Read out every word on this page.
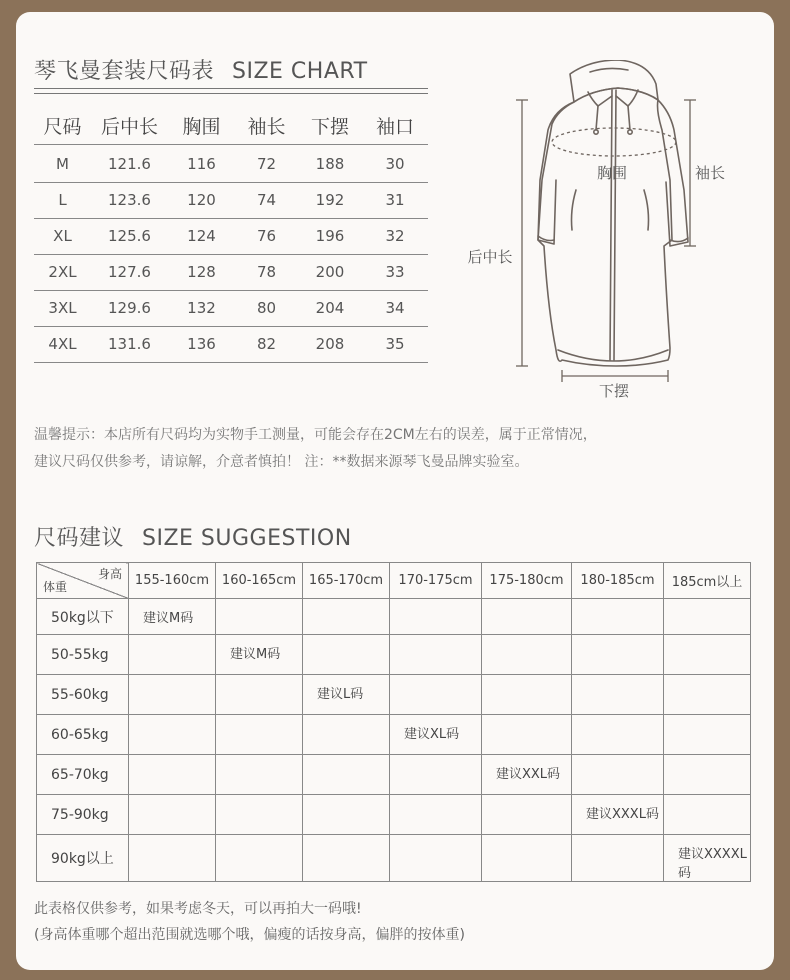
琴飞曼套装尺码表 SIZE CHART
尺码	后中长	胸围	袖长	下摆	袖口
M	121.6	116	72	188	30
L	123.6	120	74	192	31
XL	125.6	124	76	196	32
2XL	127.6	128	78	200	33
3XL	129.6	132	80	204	34
4XL	131.6	136	82	208	35
胸围	袖长
后中长
下摆
温馨提示：本店所有尺码均为实物手工测量，可能会存在2CM左右的误差，属于正常情况，
建议尺码仅供参考，请谅解，介意者慎拍！ 注：**数据来源琴飞曼品牌实验室。
尺码建议 SIZE SUGGESTION
身高
体重	155-160cm	160-165cm	165-170cm	170-175cm	175-180cm	180-185cm	185cm以上
50kg以下	建议M码						
50-55kg		建议M码					
55-60kg			建议L码				
60-65kg				建议XL码			
65-70kg					建议XXL码		
75-90kg						建议XXXL码	
90kg以上							建议XXXXL码
此表格仅供参考，如果考虑冬天，可以再拍大一码哦!
(身高体重哪个超出范围就选哪个哦，偏瘦的话按身高，偏胖的按体重)
